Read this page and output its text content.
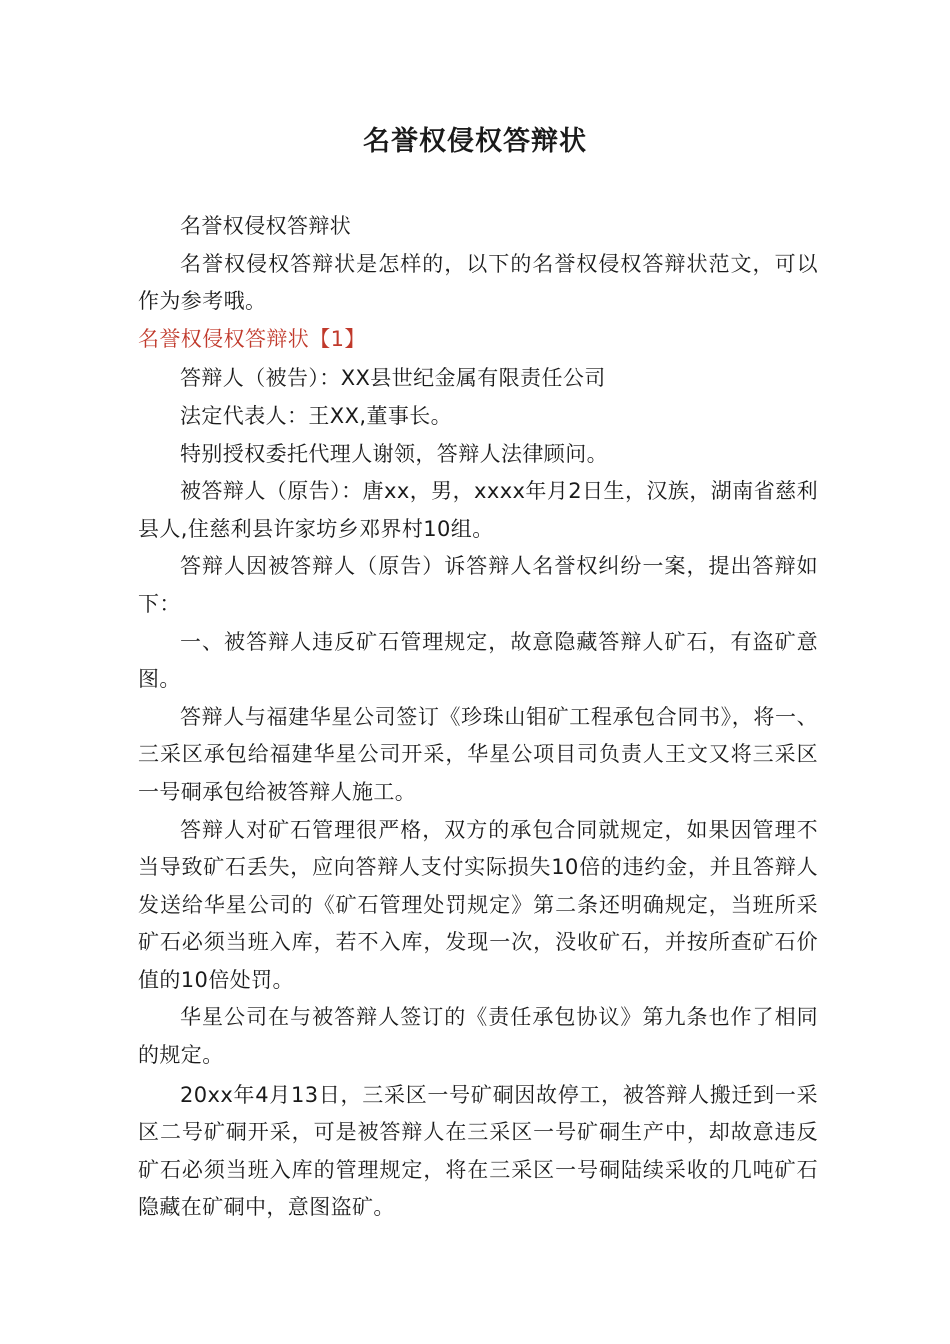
名誉权侵权答辩状

名誉权侵权答辩状

名誉权侵权答辩状是怎样的，以下的名誉权侵权答辩状范文，可以作为参考哦。

名誉权侵权答辩状【1】

答辩人（被告）：XX县世纪金属有限责任公司

法定代表人：王XX,董事长。

特别授权委托代理人谢领，答辩人法律顾问。

被答辩人（原告）：唐xx，男，xxxx年月2日生，汉族，湖南省慈利县人,住慈利县许家坊乡邓界村10组。

答辩人因被答辩人（原告）诉答辩人名誉权纠纷一案，提出答辩如下：

一、被答辩人违反矿石管理规定，故意隐藏答辩人矿石，有盗矿意图。

答辩人与福建华星公司签订《珍珠山钼矿工程承包合同书》，将一、三采区承包给福建华星公司开采，华星公项目司负责人王文又将三采区一号硐承包给被答辩人施工。

答辩人对矿石管理很严格，双方的承包合同就规定，如果因管理不当导致矿石丢失，应向答辩人支付实际损失10倍的违约金，并且答辩人发送给华星公司的《矿石管理处罚规定》第二条还明确规定，当班所采矿石必须当班入库，若不入库，发现一次，没收矿石，并按所查矿石价值的10倍处罚。

华星公司在与被答辩人签订的《责任承包协议》第九条也作了相同的规定。

20xx年4月13日，三采区一号矿硐因故停工，被答辩人搬迁到一采区二号矿硐开采，可是被答辩人在三采区一号矿硐生产中，却故意违反矿石必须当班入库的管理规定，将在三采区一号硐陆续采收的几吨矿石隐藏在矿硐中，意图盗矿。
